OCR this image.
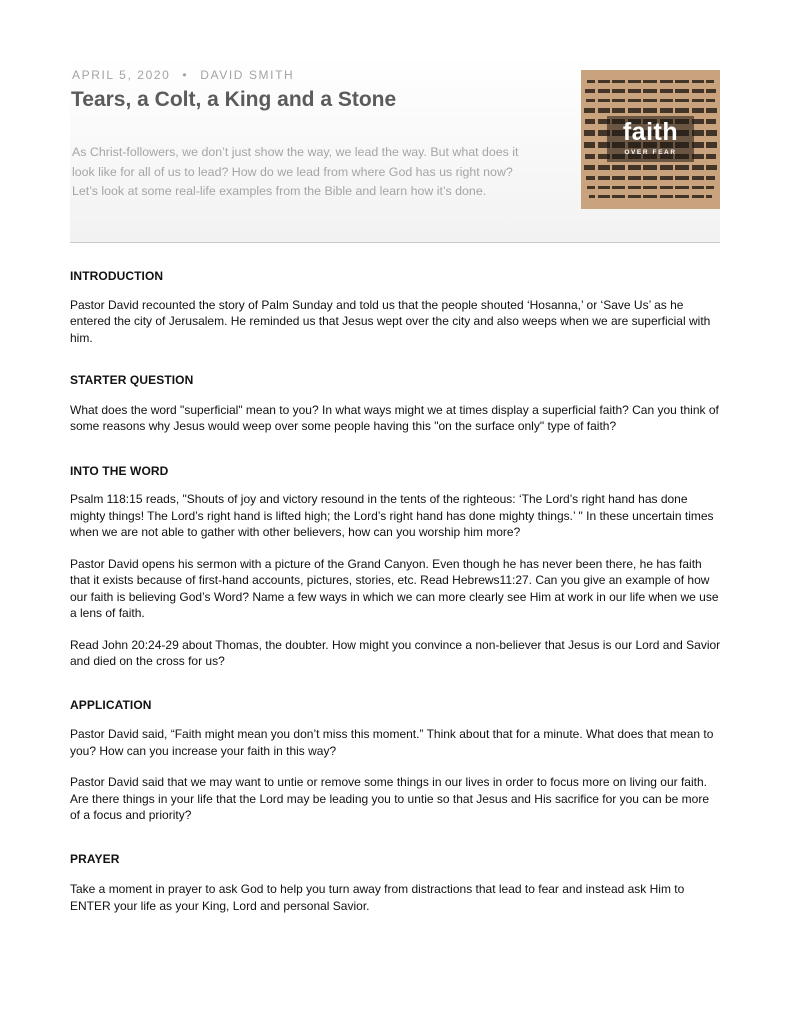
APRIL 5, 2020 • DAVID SMITH
Tears, a Colt, a King and a Stone

As Christ-followers, we don’t just show the way, we lead the way. But what does it look like for all of us to lead? How do we lead from where God has us right now? Let’s look at some real-life examples from the Bible and learn how it’s done.

faith
OVER FEAR
INTRODUCTION

Pastor David recounted the story of Palm Sunday and told us that the people shouted ‘Hosanna,’ or ‘Save Us’ as he entered the city of Jerusalem. He reminded us that Jesus wept over the city and also weeps when we are superficial with him.

STARTER QUESTION

What does the word "superficial" mean to you? In what ways might we at times display a superficial faith? Can you think of some reasons why Jesus would weep over some people having this "on the surface only" type of faith?

INTO THE WORD

Psalm 118:15 reads, "Shouts of joy and victory resound in the tents of the righteous: ‘The Lord’s right hand has done mighty things! The Lord’s right hand is lifted high; the Lord’s right hand has done mighty things.’ " In these uncertain times when we are not able to gather with other believers, how can you worship him more?

Pastor David opens his sermon with a picture of the Grand Canyon. Even though he has never been there, he has faith that it exists because of first-hand accounts, pictures, stories, etc. Read Hebrews11:27. Can you give an example of how our faith is believing God’s Word? Name a few ways in which we can more clearly see Him at work in our life when we use a lens of faith.

Read John 20:24-29 about Thomas, the doubter. How might you convince a non-believer that Jesus is our Lord and Savior and died on the cross for us?

APPLICATION

Pastor David said, “Faith might mean you don’t miss this moment.” Think about that for a minute. What does that mean to you? How can you increase your faith in this way?

Pastor David said that we may want to untie or remove some things in our lives in order to focus more on living our faith. Are there things in your life that the Lord may be leading you to untie so that Jesus and His sacrifice for you can be more of a focus and priority?

PRAYER

Take a moment in prayer to ask God to help you turn away from distractions that lead to fear and instead ask Him to ENTER your life as your King, Lord and personal Savior.
